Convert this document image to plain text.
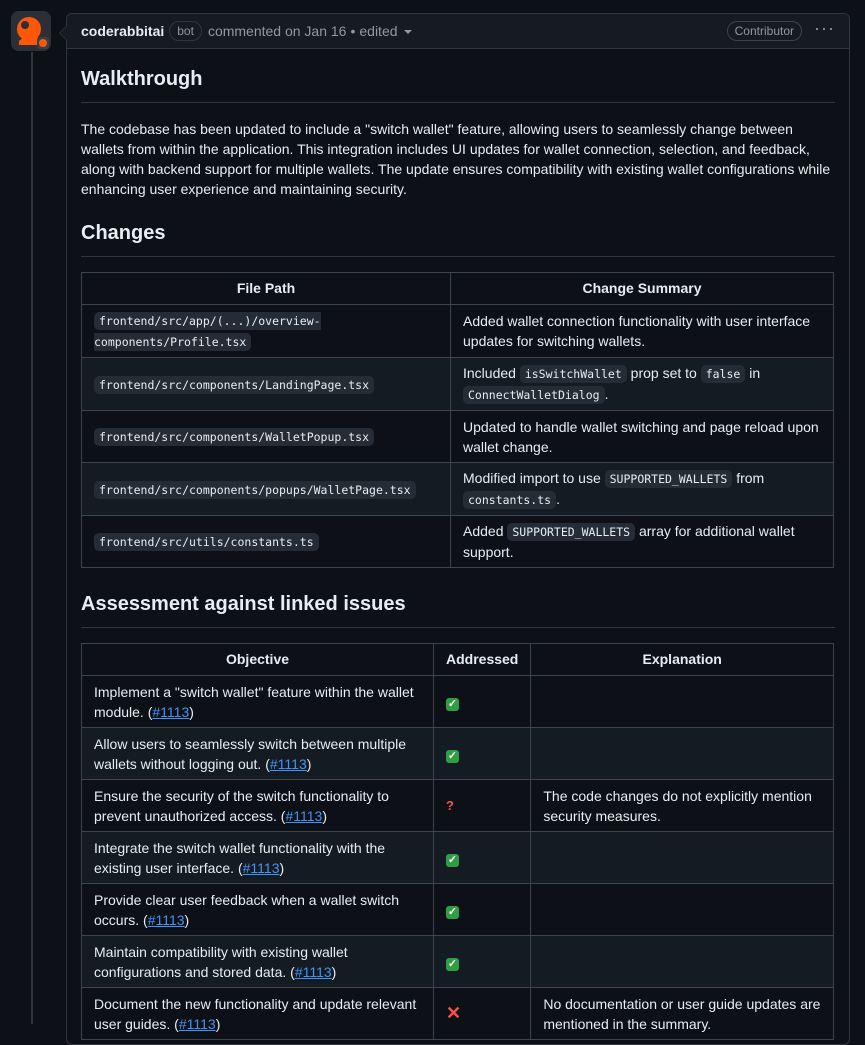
coderabbitai	bot	commented on Jan 16 • edited	Contributor	···
Walkthrough

The codebase has been updated to include a "switch wallet" feature, allowing users to seamlessly change between wallets from within the application. This integration includes UI updates for wallet connection, selection, and feedback, along with backend support for multiple wallets. The update ensures compatibility with existing wallet configurations while enhancing user experience and maintaining security.

Changes
File Path	Change Summary
frontend/src/app/(...)/overview-
components/Profile.tsx	Added wallet connection functionality with user interface updates for switching wallets.
frontend/src/components/LandingPage.tsx	Included isSwitchWallet prop set to false in ConnectWalletDialog .
frontend/src/components/WalletPopup.tsx	Updated to handle wallet switching and page reload upon wallet change.
frontend/src/components/popups/WalletPage.tsx	Modified import to use SUPPORTED_WALLETS from constants.ts .
frontend/src/utils/constants.ts	Added SUPPORTED_WALLETS array for additional wallet support.
Assessment against linked issues
Objective	Addressed	Explanation
Implement a "switch wallet" feature within the wallet module. (#1113)	✓	
Allow users to seamlessly switch between multiple wallets without logging out. (#1113)	✓	
Ensure the security of the switch functionality to prevent unauthorized access. (#1113)	?	The code changes do not explicitly mention security measures.
Integrate the switch wallet functionality with the existing user interface. (#1113)	✓	
Provide clear user feedback when a wallet switch occurs. (#1113)	✓	
Maintain compatibility with existing wallet configurations and stored data. (#1113)	✓	
Document the new functionality and update relevant user guides. (#1113)	✕	No documentation or user guide updates are mentioned in the summary.
